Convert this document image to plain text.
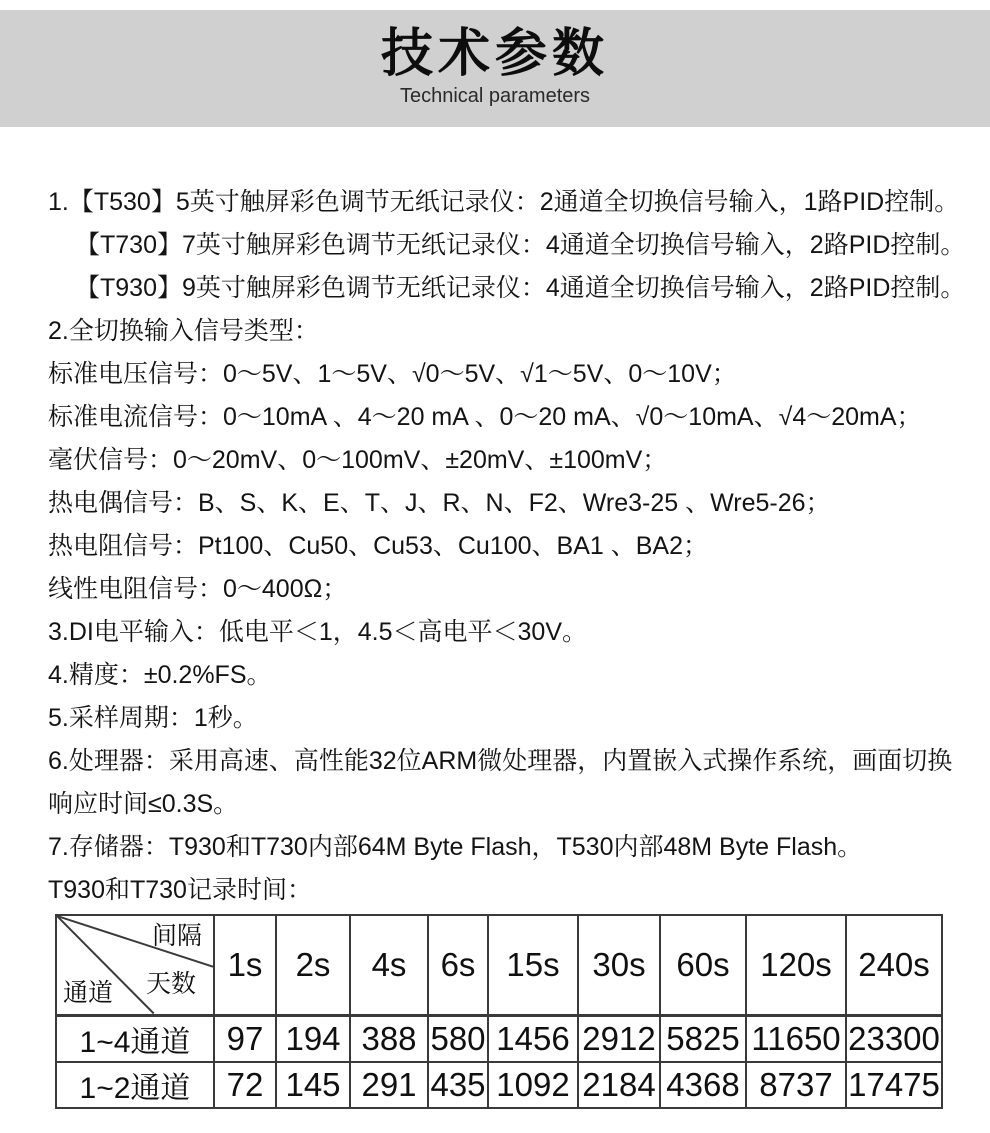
技术参数
Technical parameters
1.【T530】5英寸触屏彩色调节无纸记录仪：2通道全切换信号输入，1路PID控制。
【T730】7英寸触屏彩色调节无纸记录仪：4通道全切换信号输入，2路PID控制。
【T930】9英寸触屏彩色调节无纸记录仪：4通道全切换信号输入，2路PID控制。
2.全切换输入信号类型：
标准电压信号：0～5V、1～5V、√0～5V、√1～5V、0～10V；
标准电流信号：0～10mA 、4～20 mA 、0～20 mA、√0～10mA、√4～20mA；
毫伏信号：0～20mV、0～100mV、±20mV、±100mV；
热电偶信号：B、S、K、E、T、J、R、N、F2、Wre3-25 、Wre5-26；
热电阻信号：Pt100、Cu50、Cu53、Cu100、BA1 、BA2；
线性电阻信号：0～400Ω；
3.DI电平输入：低电平＜1，4.5＜高电平＜30V。
4.精度：±0.2%FS。
5.采样周期：1秒。
6.处理器：采用高速、高性能32位ARM微处理器，内置嵌入式操作系统，画面切换
响应时间≤0.3S。
7.存储器：T930和T730内部64M Byte Flash，T530内部48M Byte Flash。
T930和T730记录时间：
间隔
天数
通道	1s	2s	4s	6s	15s	30s	60s	120s	240s
1~4通道	97	194	388	580	1456	2912	5825	11650	23300
1~2通道	72	145	291	435	1092	2184	4368	8737	17475
